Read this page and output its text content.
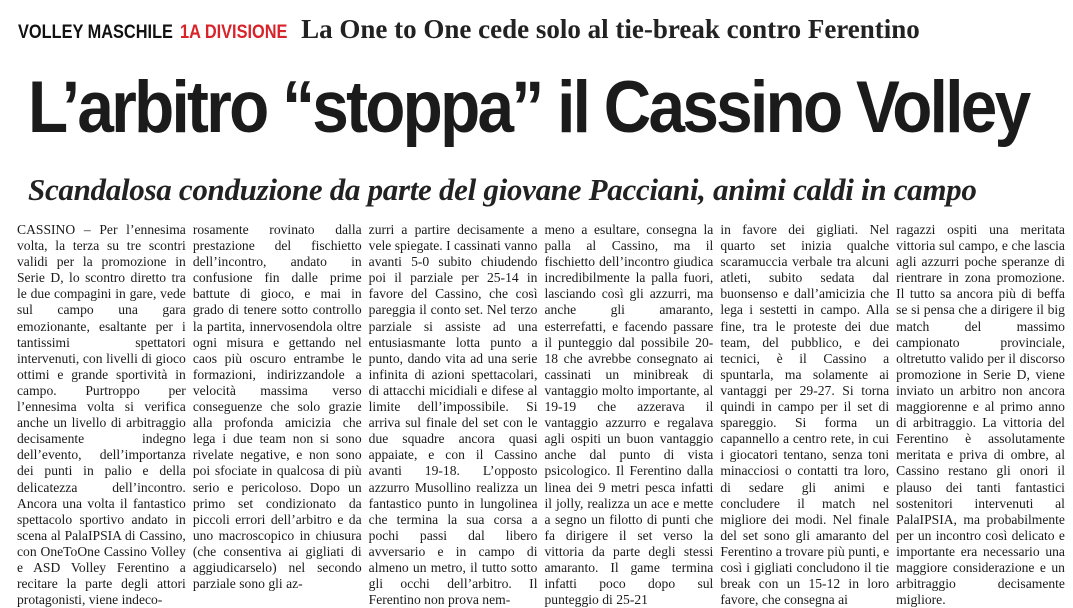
VOLLEY MASCHILE 1A DIVISIONE La One to One cede solo al tie-break contro Ferentino
L’arbitro “stoppa” il Cassino Volley
Scandalosa conduzione da parte del giovane Pacciani, animi caldi in campo
CASSINO – Per l’ennesima volta, la terza su tre scontri validi per la promozione in Serie D, lo scontro diretto tra le due compagini in gare, vede sul campo una gara emozionante, esaltante per i tantissimi spettatori intervenuti, con livelli di gioco ottimi e grande sportività in campo. Purtroppo per l’ennesima volta si verifica anche un livello di arbitraggio decisamente indegno dell’evento, dell’importanza dei punti in palio e della delicatezza dell’incontro. Ancora una volta il fantastico spettacolo sportivo andato in scena al PalaIPSIA di Cassino, con OneToOne Cassino Volley e ASD Volley Ferentino a recitare la parte degli attori protagonisti, viene indeco-
rosamente rovinato dalla prestazione del fischietto dell’incontro, andato in confusione fin dalle prime battute di gioco, e mai in grado di tenere sotto controllo la partita, innervosendola oltre ogni misura e gettando nel caos più oscuro entrambe le formazioni, indirizzandole a velocità massima verso conseguenze che solo grazie alla profonda amicizia che lega i due team non si sono rivelate negative, e non sono poi sfociate in qualcosa di più serio e pericoloso. Dopo un primo set condizionato da piccoli errori dell’arbitro e da uno macroscopico in chiusura (che consentiva ai gigliati di aggiudicarselo) nel secondo parziale sono gli az-
zurri a partire decisamente a vele spiegate. I cassinati vanno avanti 5-0 subito chiudendo poi il parziale per 25-14 in favore del Cassino, che così pareggia il conto set. Nel terzo parziale si assiste ad una entusiasmante lotta punto a punto, dando vita ad una serie infinita di azioni spettacolari, di attacchi micidiali e difese al limite dell’impossibile. Si arriva sul finale del set con le due squadre ancora quasi appaiate, e con il Cassino avanti 19-18. L’opposto azzurro Musollino realizza un fantastico punto in lungolinea che termina la sua corsa a pochi passi dal libero avversario e in campo di almeno un metro, il tutto sotto gli occhi dell’arbitro. Il Ferentino non prova nem-
meno a esultare, consegna la palla al Cassino, ma il fischietto dell’incontro giudica incredibilmente la palla fuori, lasciando così gli azzurri, ma anche gli amaranto, esterrefatti, e facendo passare il punteggio dal possibile 20-18 che avrebbe consegnato ai cassinati un minibreak di vantaggio molto importante, al 19-19 che azzerava il vantaggio azzurro e regalava agli ospiti un buon vantaggio anche dal punto di vista psicologico. Il Ferentino dalla linea dei 9 metri pesca infatti il jolly, realizza un ace e mette a segno un filotto di punti che fa dirigere il set verso la vittoria da parte degli stessi amaranto. Il game termina infatti poco dopo sul punteggio di 25-21
in favore dei gigliati. Nel quarto set inizia qualche scaramuccia verbale tra alcuni atleti, subito sedata dal buonsenso e dall’amicizia che lega i sestetti in campo. Alla fine, tra le proteste dei due team, del pubblico, e dei tecnici, è il Cassino a spuntarla, ma solamente ai vantaggi per 29-27. Si torna quindi in campo per il set di spareggio. Si forma un capannello a centro rete, in cui i giocatori tentano, senza toni minacciosi o contatti tra loro, di sedare gli animi e concludere il match nel migliore dei modi. Nel finale del set sono gli amaranto del Ferentino a trovare più punti, e così i gigliati concludono il tie break con un 15-12 in loro favore, che consegna ai
ragazzi ospiti una meritata vittoria sul campo, e che lascia agli azzurri poche speranze di rientrare in zona promozione. Il tutto sa ancora più di beffa se si pensa che a dirigere il big match del massimo campionato provinciale, oltretutto valido per il discorso promozione in Serie D, viene inviato un arbitro non ancora maggiorenne e al primo anno di arbitraggio. La vittoria del Ferentino è assolutamente meritata e priva di ombre, al Cassino restano gli onori il plauso dei tanti fantastici sostenitori intervenuti al PalaIPSIA, ma probabilmente per un incontro così delicato e importante era necessario una maggiore considerazione e un arbitraggio decisamente migliore.
